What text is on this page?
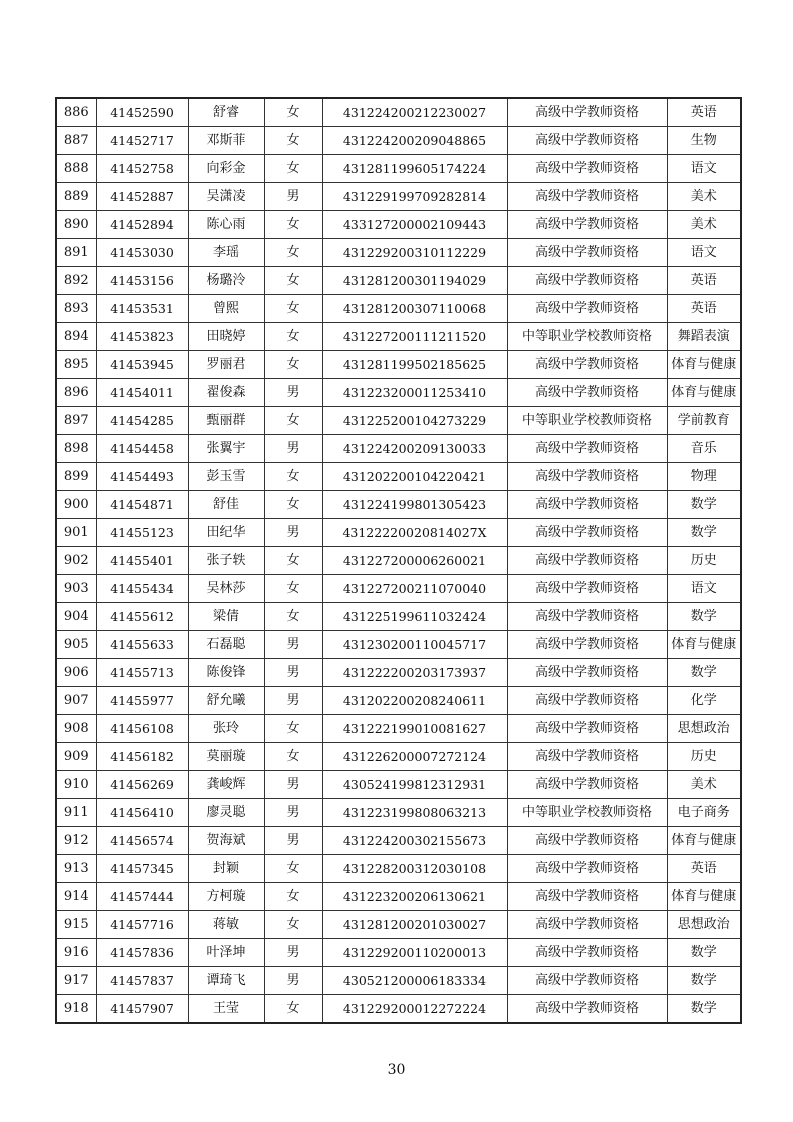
886	41452590	舒睿	女	431224200212230027	高级中学教师资格	英语
887	41452717	邓斯菲	女	431224200209048865	高级中学教师资格	生物
888	41452758	向彩金	女	431281199605174224	高级中学教师资格	语文
889	41452887	吴潇凌	男	431229199709282814	高级中学教师资格	美术
890	41452894	陈心雨	女	433127200002109443	高级中学教师资格	美术
891	41453030	李瑶	女	431229200310112229	高级中学教师资格	语文
892	41453156	杨璐泠	女	431281200301194029	高级中学教师资格	英语
893	41453531	曾熙	女	431281200307110068	高级中学教师资格	英语
894	41453823	田晓婷	女	431227200111211520	中等职业学校教师资格	舞蹈表演
895	41453945	罗丽君	女	431281199502185625	高级中学教师资格	体育与健康
896	41454011	翟俊森	男	431223200011253410	高级中学教师资格	体育与健康
897	41454285	甄丽群	女	431225200104273229	中等职业学校教师资格	学前教育
898	41454458	张翼宇	男	431224200209130033	高级中学教师资格	音乐
899	41454493	彭玉雪	女	431202200104220421	高级中学教师资格	物理
900	41454871	舒佳	女	431224199801305423	高级中学教师资格	数学
901	41455123	田纪华	男	43122220020814027X	高级中学教师资格	数学
902	41455401	张子轶	女	431227200006260021	高级中学教师资格	历史
903	41455434	吴林莎	女	431227200211070040	高级中学教师资格	语文
904	41455612	梁倩	女	431225199611032424	高级中学教师资格	数学
905	41455633	石磊聪	男	431230200110045717	高级中学教师资格	体育与健康
906	41455713	陈俊锋	男	431222200203173937	高级中学教师资格	数学
907	41455977	舒允曦	男	431202200208240611	高级中学教师资格	化学
908	41456108	张玲	女	431222199010081627	高级中学教师资格	思想政治
909	41456182	莫丽璇	女	431226200007272124	高级中学教师资格	历史
910	41456269	龚峻辉	男	430524199812312931	高级中学教师资格	美术
911	41456410	廖灵聪	男	431223199808063213	中等职业学校教师资格	电子商务
912	41456574	贺海斌	男	431224200302155673	高级中学教师资格	体育与健康
913	41457345	封颖	女	431228200312030108	高级中学教师资格	英语
914	41457444	方柯璇	女	431223200206130621	高级中学教师资格	体育与健康
915	41457716	蒋敏	女	431281200201030027	高级中学教师资格	思想政治
916	41457836	叶泽坤	男	431229200110200013	高级中学教师资格	数学
917	41457837	谭琦飞	男	430521200006183334	高级中学教师资格	数学
918	41457907	王莹	女	431229200012272224	高级中学教师资格	数学
30
